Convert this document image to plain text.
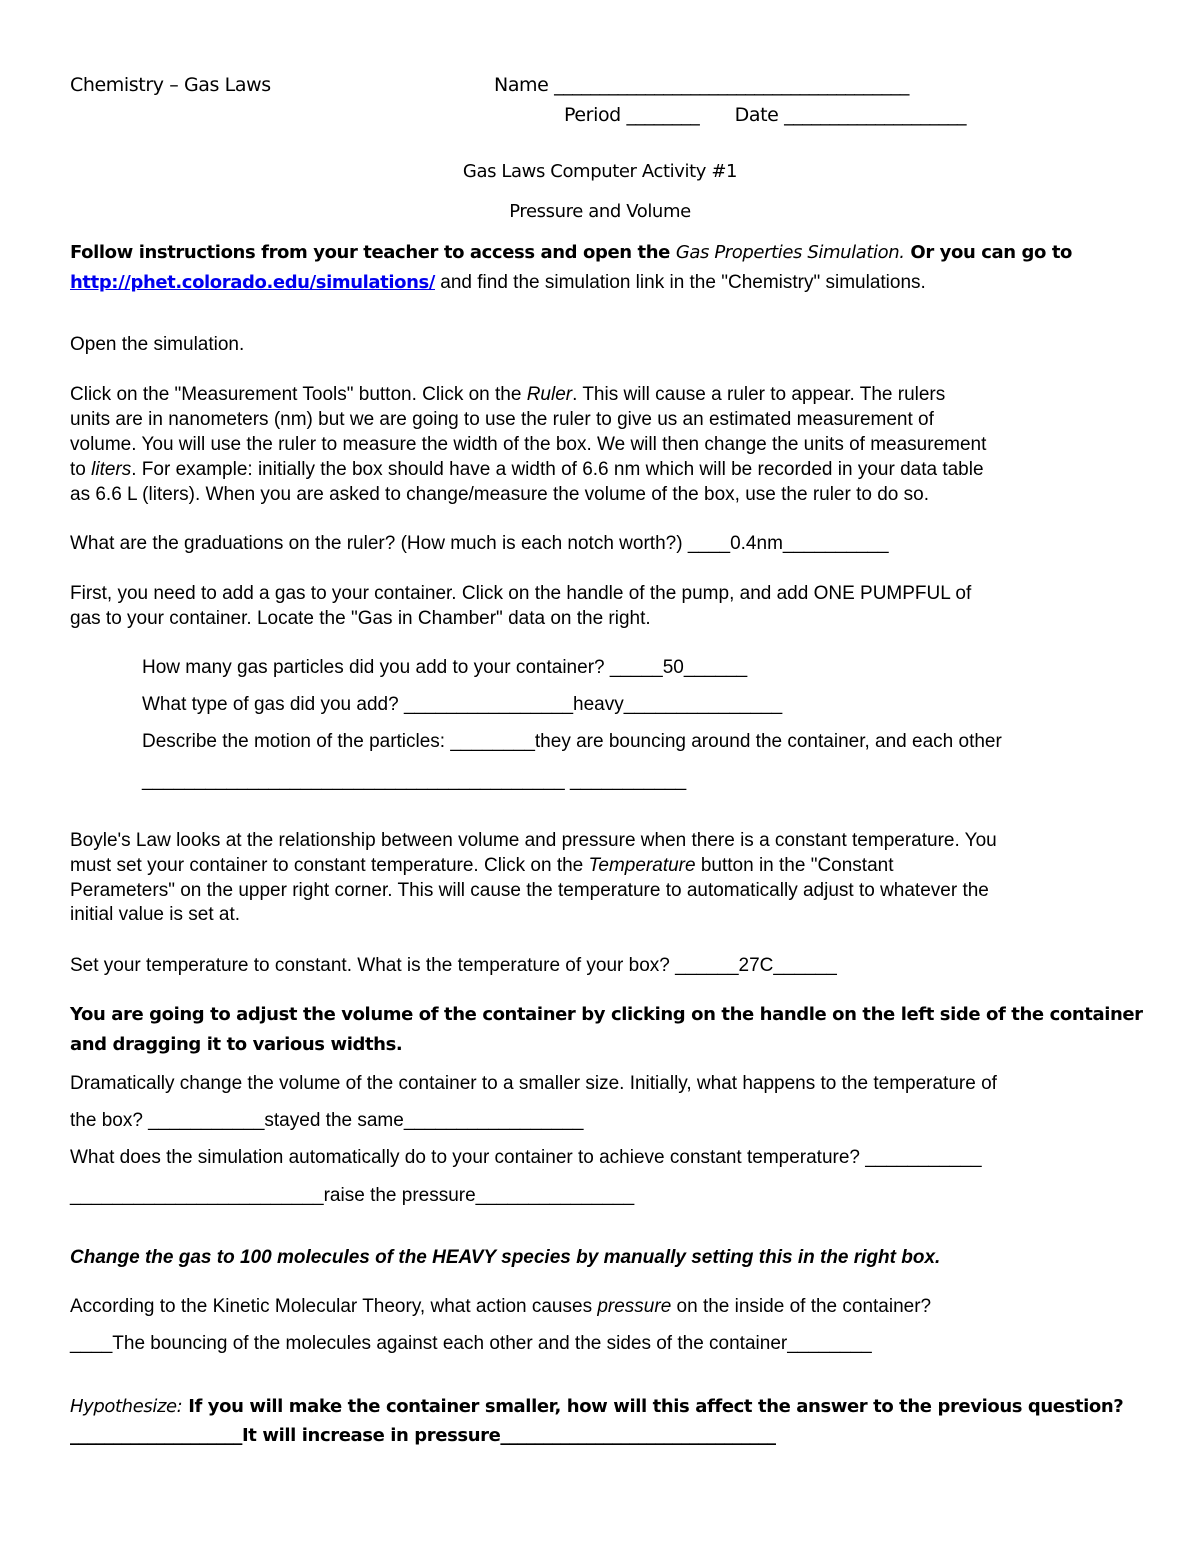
Chemistry – Gas Laws	Name _______________________________________
Period ________ Date ____________________
Gas Laws Computer Activity #1
Pressure and Volume
Follow instructions from your teacher to access and open the Gas Properties Simulation. Or you can go to
http://phet.colorado.edu/simulations/ and find the simulation link in the "Chemistry" simulations.
Open the simulation.
Click on the "Measurement Tools" button. Click on the Ruler. This will cause a ruler to appear. The rulers
units are in nanometers (nm) but we are going to use the ruler to give us an estimated measurement of
volume. You will use the ruler to measure the width of the box. We will then change the units of measurement
to liters. For example: initially the box should have a width of 6.6 nm which will be recorded in your data table
as 6.6 L (liters). When you are asked to change/measure the volume of the box, use the ruler to do so.
What are the graduations on the ruler? (How much is each notch worth?) ____0.4nm__________
First, you need to add a gas to your container. Click on the handle of the pump, and add ONE PUMPFUL of
gas to your container. Locate the "Gas in Chamber" data on the right.
How many gas particles did you add to your container? _____50______
What type of gas did you add? ________________heavy_______________
Describe the motion of the particles: ________they are bouncing around the container, and each other
________________________________________ ___________
Boyle's Law looks at the relationship between volume and pressure when there is a constant temperature. You
must set your container to constant temperature. Click on the Temperature button in the "Constant
Perameters" on the upper right corner. This will cause the temperature to automatically adjust to whatever the
initial value is set at.
Set your temperature to constant. What is the temperature of your box? ______27C______
You are going to adjust the volume of the container by clicking on the handle on the left side of the container
and dragging it to various widths.
Dramatically change the volume of the container to a smaller size. Initially, what happens to the temperature of
the box? ___________stayed the same_________________
What does the simulation automatically do to your container to achieve constant temperature? ___________
________________________raise the pressure_______________
Change the gas to 100 molecules of the HEAVY species by manually setting this in the right box.
According to the Kinetic Molecular Theory, what action causes pressure on the inside of the container?
____The bouncing of the molecules against each other and the sides of the container________
Hypothesize: If you will make the container smaller, how will this affect the answer to the previous question?
____________________It will increase in pressure________________________________
